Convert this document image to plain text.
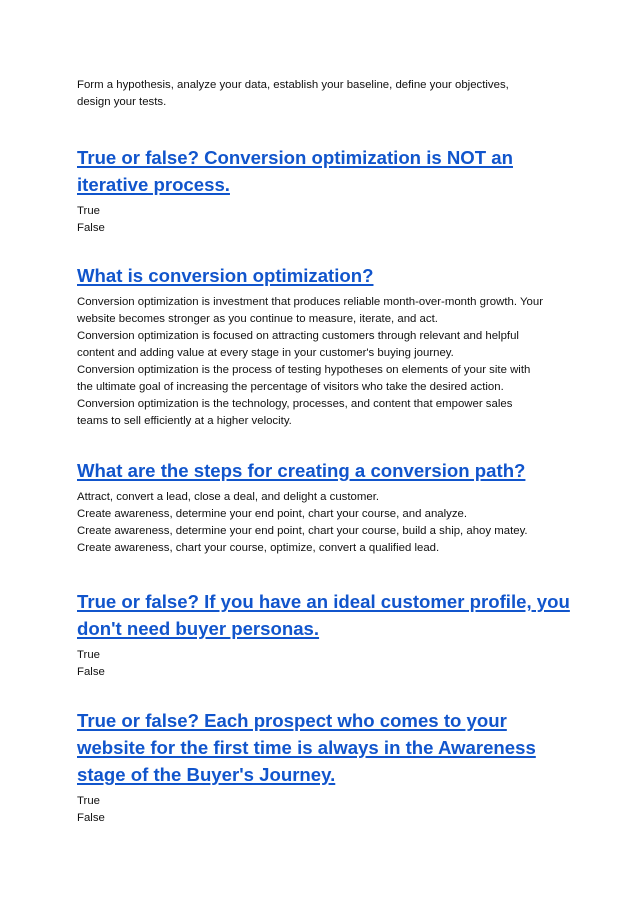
Form a hypothesis, analyze your data, establish your baseline, define your objectives,
design your tests.
True or false? Conversion optimization is NOT an
iterative process.
True
False
What is conversion optimization?
Conversion optimization is investment that produces reliable month-over-month growth. Your
website becomes stronger as you continue to measure, iterate, and act.
Conversion optimization is focused on attracting customers through relevant and helpful
content and adding value at every stage in your customer's buying journey.
Conversion optimization is the process of testing hypotheses on elements of your site with
the ultimate goal of increasing the percentage of visitors who take the desired action.
Conversion optimization is the technology, processes, and content that empower sales
teams to sell efficiently at a higher velocity.
What are the steps for creating a conversion path?
Attract, convert a lead, close a deal, and delight a customer.
Create awareness, determine your end point, chart your course, and analyze.
Create awareness, determine your end point, chart your course, build a ship, ahoy matey.
Create awareness, chart your course, optimize, convert a qualified lead.
True or false? If you have an ideal customer profile, you
don't need buyer personas.
True
False
True or false? Each prospect who comes to your
website for the first time is always in the Awareness
stage of the Buyer's Journey.
True
False
